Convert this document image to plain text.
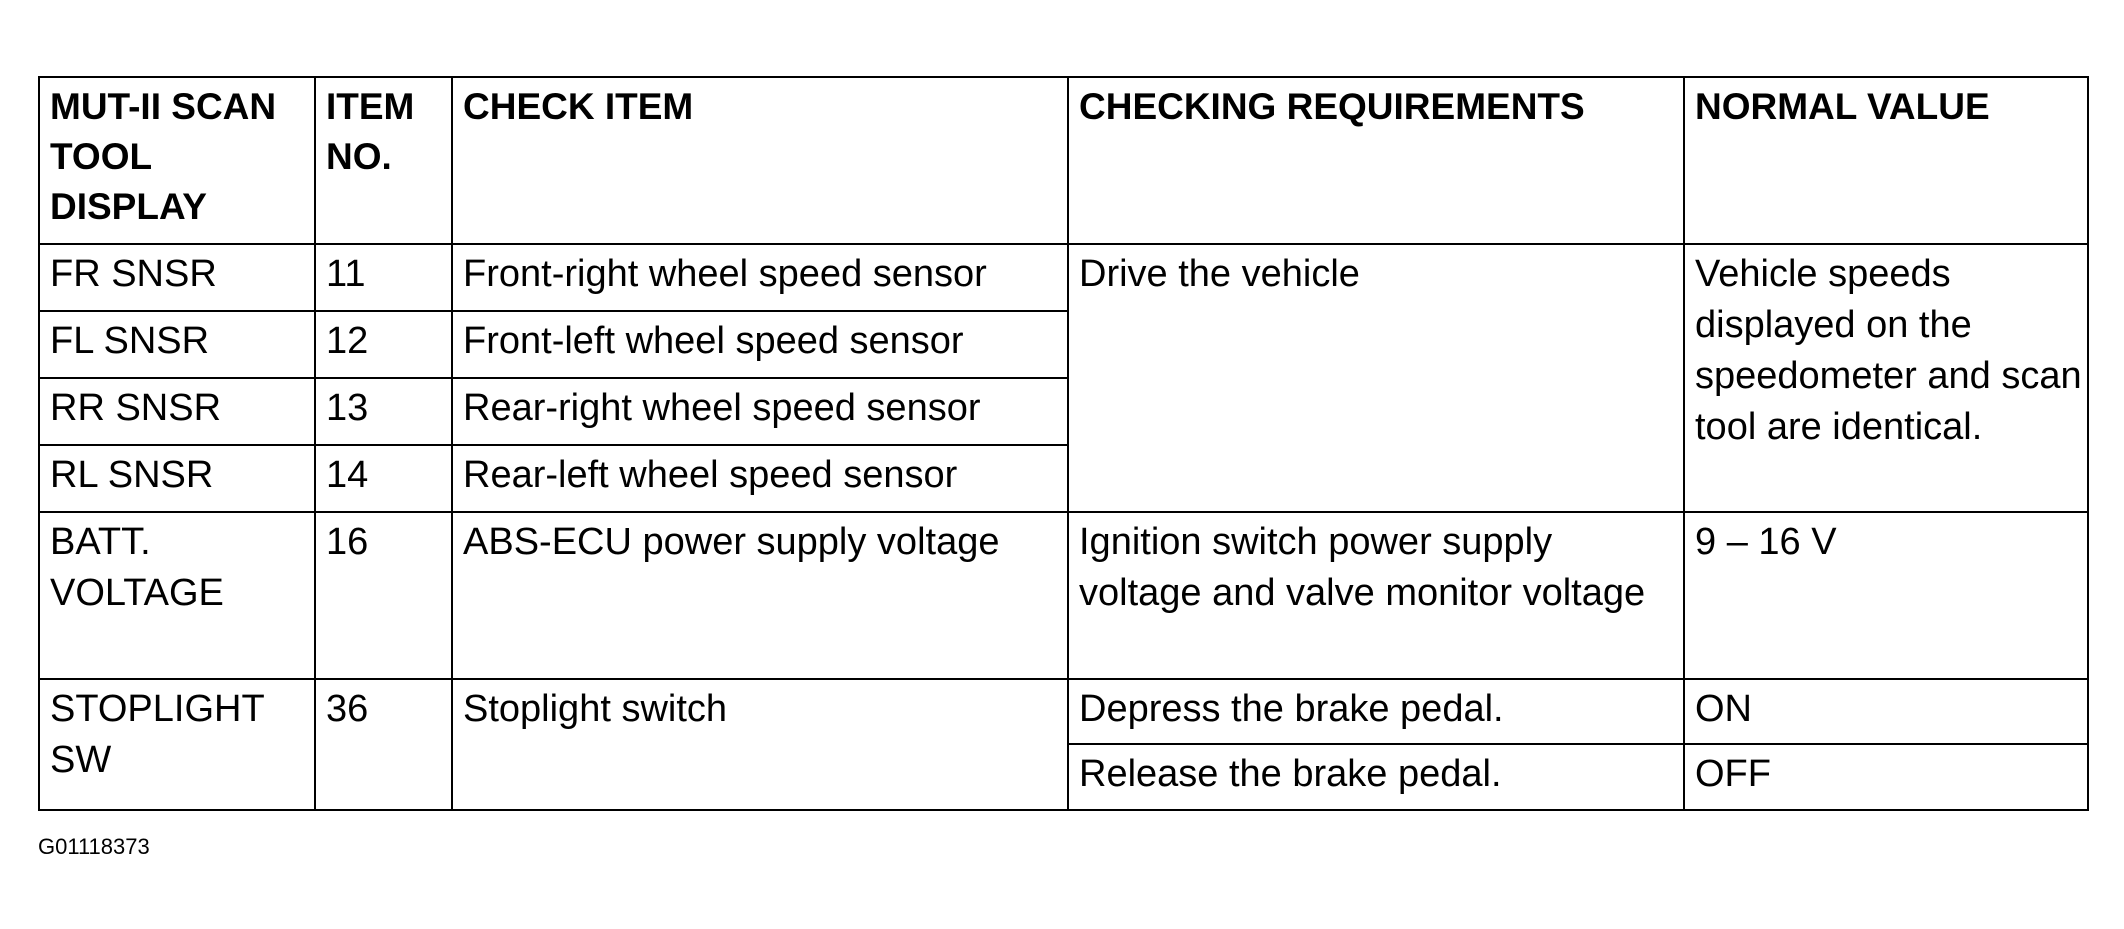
MUT-II SCAN TOOL DISPLAY	ITEM NO.	CHECK ITEM	CHECKING REQUIREMENTS	NORMAL VALUE
FR SNSR	11	Front-right wheel speed sensor	Drive the vehicle	Vehicle speeds displayed on the speedometer and scan tool are identical.
FL SNSR	12	Front-left wheel speed sensor		
RR SNSR	13	Rear-right wheel speed sensor		
RL SNSR	14	Rear-left wheel speed sensor		
BATT. VOLTAGE	16	ABS-ECU power supply voltage	Ignition switch power supply voltage and valve monitor voltage	9 – 16 V
STOPLIGHT SW	36	Stoplight switch	Depress the brake pedal.	ON
			Release the brake pedal.	OFF
G01118373
